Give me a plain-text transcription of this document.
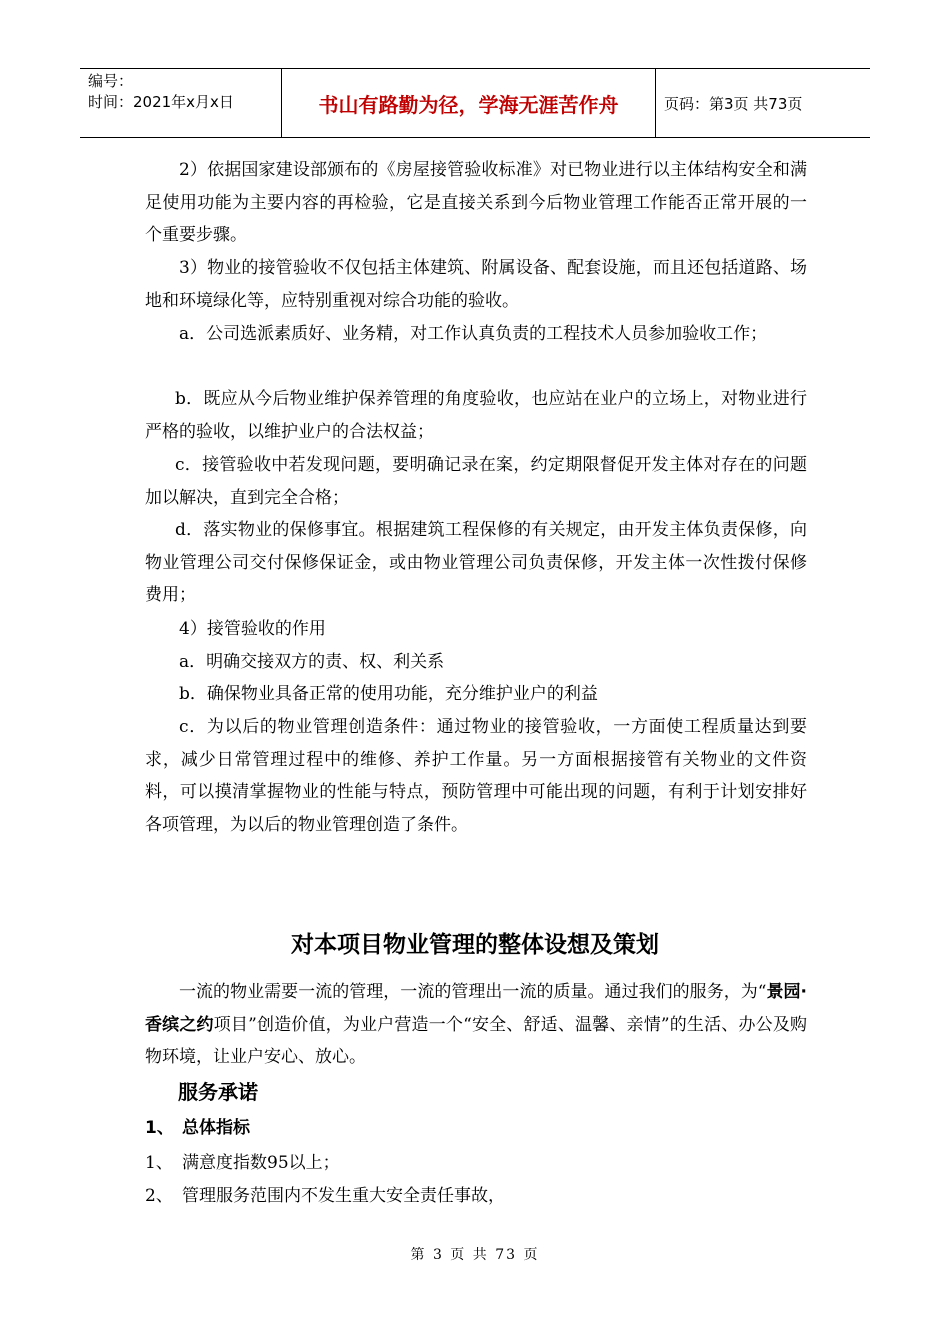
编号：
时间：2021年x月x日	书山有路勤为径，学海无涯苦作舟	页码：第3页 共73页
2）依据国家建设部颁布的《房屋接管验收标准》对已物业进行以主体结构安全和满足使用功能为主要内容的再检验，它是直接关系到今后物业管理工作能否正常开展的一个重要步骤。
3）物业的接管验收不仅包括主体建筑、附属设备、配套设施，而且还包括道路、场地和环境绿化等，应特别重视对综合功能的验收。
a．公司选派素质好、业务精，对工作认真负责的工程技术人员参加验收工作；
b．既应从今后物业维护保养管理的角度验收，也应站在业户的立场上，对物业进行严格的验收，以维护业户的合法权益；
c．接管验收中若发现问题，要明确记录在案，约定期限督促开发主体对存在的问题加以解决，直到完全合格；
d．落实物业的保修事宜。根据建筑工程保修的有关规定，由开发主体负责保修，向物业管理公司交付保修保证金，或由物业管理公司负责保修，开发主体一次性拨付保修费用；
4）接管验收的作用
a．明确交接双方的责、权、利关系
b．确保物业具备正常的使用功能，充分维护业户的利益
c．为以后的物业管理创造条件：通过物业的接管验收，一方面使工程质量达到要求，减少日常管理过程中的维修、养护工作量。另一方面根据接管有关物业的文件资料，可以摸清掌握物业的性能与特点，预防管理中可能出现的问题，有利于计划安排好各项管理，为以后的物业管理创造了条件。
对本项目物业管理的整体设想及策划
一流的物业需要一流的管理，一流的管理出一流的质量。通过我们的服务，为“景园·香缤之约项目”创造价值，为业户营造一个“安全、舒适、温馨、亲情”的生活、办公及购物环境，让业户安心、放心。
服务承诺
1、 总体指标
1、 满意度指数95以上；
2、 管理服务范围内不发生重大安全责任事故，
第 3 页 共 73 页
